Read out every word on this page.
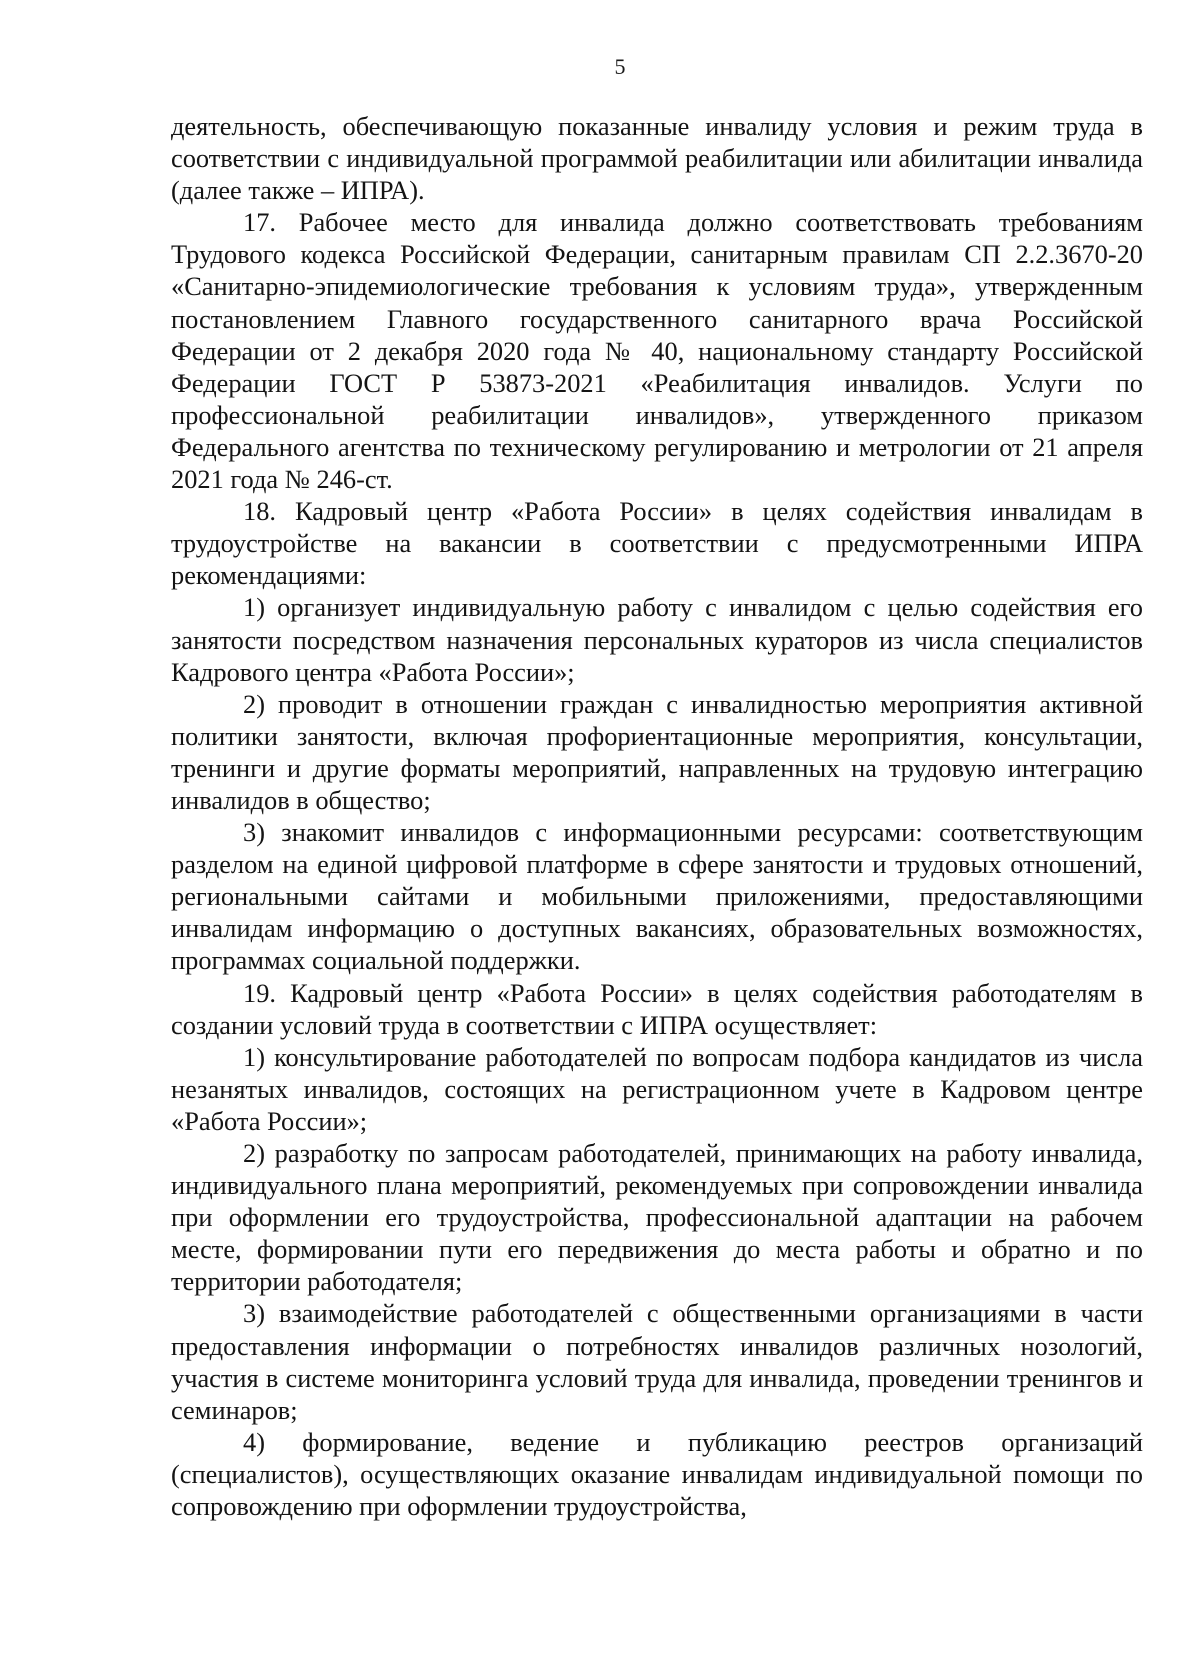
5

деятельность, обеспечивающую показанные инвалиду условия и режим труда в соответствии с индивидуальной программой реабилитации или абилитации инвалида (далее также – ИПРА).

17. Рабочее место для инвалида должно соответствовать требованиям Трудового кодекса Российской Федерации, санитарным правилам СП 2.2.3670-20 «Санитарно-эпидемиологические требования к условиям труда», утвержденным постановлением Главного государственного санитарного врача Российской Федерации от 2 декабря 2020 года № 40, национальному стандарту Российской Федерации ГОСТ Р 53873-2021 «Реабилитация инвалидов. Услуги по профессиональной реабилитации инвалидов», утвержденного приказом Федерального агентства по техническому регулированию и метрологии от 21 апреля 2021 года № 246-ст.

18. Кадровый центр «Работа России» в целях содействия инвалидам в трудоустройстве на вакансии в соответствии с предусмотренными ИПРА рекомендациями:

1) организует индивидуальную работу с инвалидом с целью содействия его занятости посредством назначения персональных кураторов из числа специалистов Кадрового центра «Работа России»;

2) проводит в отношении граждан с инвалидностью мероприятия активной политики занятости, включая профориентационные мероприятия, консультации, тренинги и другие форматы мероприятий, направленных на трудовую интеграцию инвалидов в общество;

3) знакомит инвалидов с информационными ресурсами: соответствующим разделом на единой цифровой платформе в сфере занятости и трудовых отношений, региональными сайтами и мобильными приложениями, предоставляющими инвалидам информацию о доступных вакансиях, образовательных возможностях, программах социальной поддержки.

19. Кадровый центр «Работа России» в целях содействия работодателям в создании условий труда в соответствии с ИПРА осуществляет:

1) консультирование работодателей по вопросам подбора кандидатов из числа незанятых инвалидов, состоящих на регистрационном учете в Кадровом центре «Работа России»;

2) разработку по запросам работодателей, принимающих на работу инвалида, индивидуального плана мероприятий, рекомендуемых при сопровождении инвалида при оформлении его трудоустройства, профессиональной адаптации на рабочем месте, формировании пути его передвижения до места работы и обратно и по территории работодателя;

3) взаимодействие работодателей с общественными организациями в части предоставления информации о потребностях инвалидов различных нозологий, участия в системе мониторинга условий труда для инвалида, проведении тренингов и семинаров;

4) формирование, ведение и публикацию реестров организаций (специалистов), осуществляющих оказание инвалидам индивидуальной помощи по сопровождению при оформлении трудоустройства,
